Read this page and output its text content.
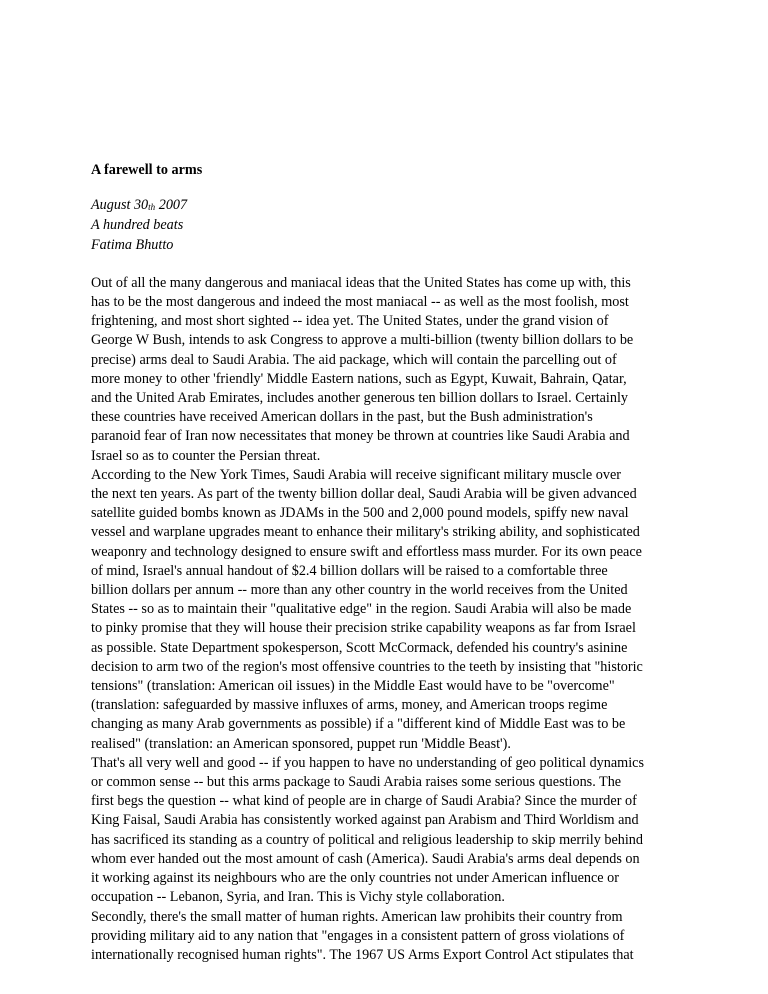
A farewell to arms
August 30th 2007
A hundred beats
Fatima Bhutto
Out of all the many dangerous and maniacal ideas that the United States has come up with, this
has to be the most dangerous and indeed the most maniacal -- as well as the most foolish, most
frightening, and most short sighted -- idea yet. The United States, under the grand vision of
George W Bush, intends to ask Congress to approve a multi-billion (twenty billion dollars to be
precise) arms deal to Saudi Arabia. The aid package, which will contain the parcelling out of
more money to other 'friendly' Middle Eastern nations, such as Egypt, Kuwait, Bahrain, Qatar,
and the United Arab Emirates, includes another generous ten billion dollars to Israel. Certainly
these countries have received American dollars in the past, but the Bush administration's
paranoid fear of Iran now necessitates that money be thrown at countries like Saudi Arabia and
Israel so as to counter the Persian threat.
According to the New York Times, Saudi Arabia will receive significant military muscle over
the next ten years. As part of the twenty billion dollar deal, Saudi Arabia will be given advanced
satellite guided bombs known as JDAMs in the 500 and 2,000 pound models, spiffy new naval
vessel and warplane upgrades meant to enhance their military's striking ability, and sophisticated
weaponry and technology designed to ensure swift and effortless mass murder. For its own peace
of mind, Israel's annual handout of $2.4 billion dollars will be raised to a comfortable three
billion dollars per annum -- more than any other country in the world receives from the United
States -- so as to maintain their "qualitative edge" in the region. Saudi Arabia will also be made
to pinky promise that they will house their precision strike capability weapons as far from Israel
as possible. State Department spokesperson, Scott McCormack, defended his country's asinine
decision to arm two of the region's most offensive countries to the teeth by insisting that "historic
tensions" (translation: American oil issues) in the Middle East would have to be "overcome"
(translation: safeguarded by massive influxes of arms, money, and American troops regime
changing as many Arab governments as possible) if a "different kind of Middle East was to be
realised" (translation: an American sponsored, puppet run 'Middle Beast').
That's all very well and good -- if you happen to have no understanding of geo political dynamics
or common sense -- but this arms package to Saudi Arabia raises some serious questions. The
first begs the question -- what kind of people are in charge of Saudi Arabia? Since the murder of
King Faisal, Saudi Arabia has consistently worked against pan Arabism and Third Worldism and
has sacrificed its standing as a country of political and religious leadership to skip merrily behind
whom ever handed out the most amount of cash (America). Saudi Arabia's arms deal depends on
it working against its neighbours who are the only countries not under American influence or
occupation -- Lebanon, Syria, and Iran. This is Vichy style collaboration.
Secondly, there's the small matter of human rights. American law prohibits their country from
providing military aid to any nation that "engages in a consistent pattern of gross violations of
internationally recognised human rights". The 1967 US Arms Export Control Act stipulates that
